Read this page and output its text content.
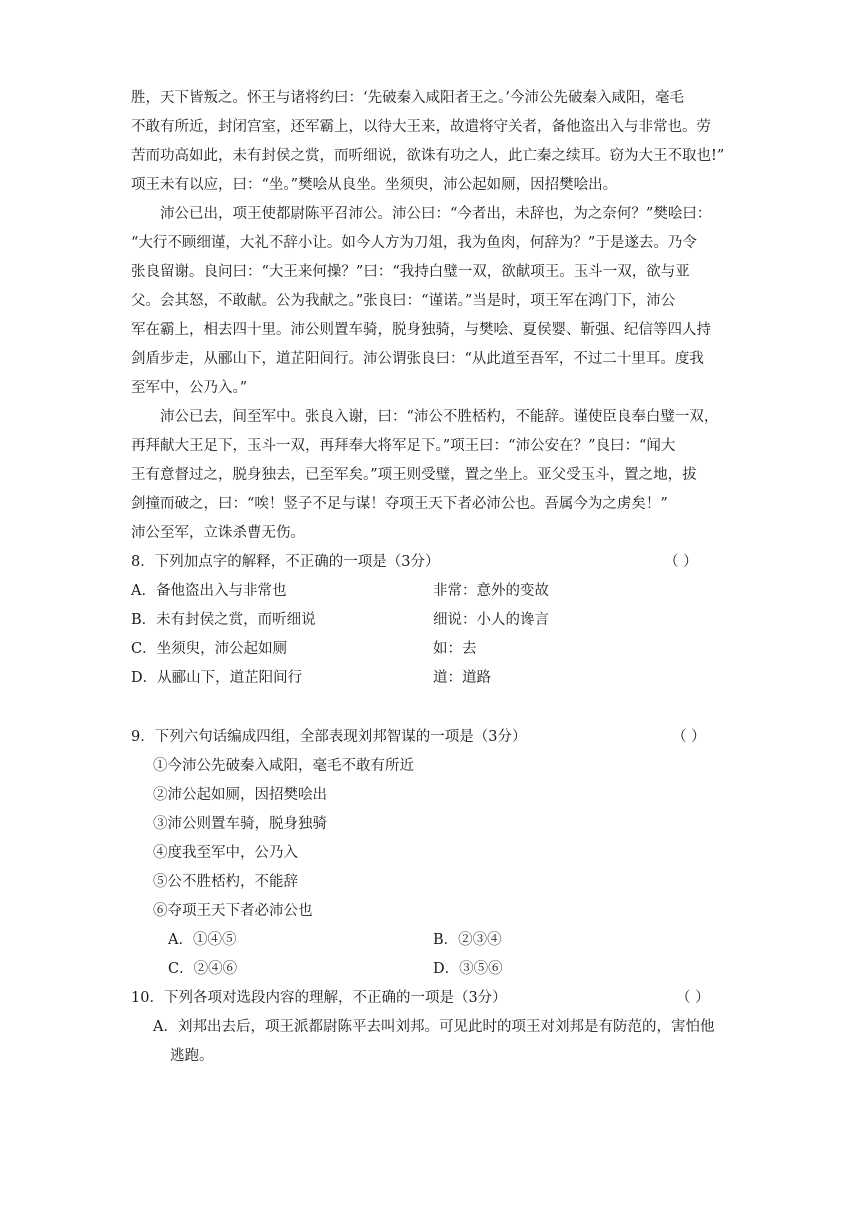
胜，天下皆叛之。怀王与诸将约曰：‘先破秦入咸阳者王之。’今沛公先破秦入咸阳，毫毛
不敢有所近，封闭宫室，还军霸上，以待大王来，故遣将守关者，备他盗出入与非常也。劳
苦而功高如此，未有封侯之赏，而听细说，欲诛有功之人，此亡秦之续耳。窃为大王不取也!”
项王未有以应，曰：“坐。”樊哙从良坐。坐须臾，沛公起如厕，因招樊哙出。
沛公已出，项王使都尉陈平召沛公。沛公曰：“今者出，未辞也，为之奈何？”樊哙曰：
“大行不顾细谨，大礼不辞小让。如今人方为刀俎，我为鱼肉，何辞为？”于是遂去。乃令
张良留谢。良问曰：“大王来何操？”曰：“我持白璧一双，欲献项王。玉斗一双，欲与亚
父。会其怒，不敢献。公为我献之。”张良曰：“谨诺。”当是时，项王军在鸿门下，沛公
军在霸上，相去四十里。沛公则置车骑，脱身独骑，与樊哙、夏侯婴、靳强、纪信等四人持
剑盾步走，从郦山下，道芷阳间行。沛公谓张良曰：“从此道至吾军，不过二十里耳。度我
至军中，公乃入。”
沛公已去，间至军中。张良入谢，曰：“沛公不胜桮杓，不能辞。谨使臣良奉白璧一双，
再拜献大王足下，玉斗一双，再拜奉大将军足下。”项王曰：“沛公安在？”良曰：“闻大
王有意督过之，脱身独去，已至军矣。”项王则受璧，置之坐上。亚父受玉斗，置之地，拔
剑撞而破之，曰：“唉！竖子不足与谋！夺项王天下者必沛公也。吾属今为之虏矣！”
沛公至军，立诛杀曹无伤。
8．下列加点字的解释，不正确的一项是（3分）	（ ）
A．备他盗出入与非常也	非常：意外的变故
B．未有封侯之赏，而听细说	细说：小人的谗言
C．坐须臾，沛公起如厕	如：去
D．从郦山下，道芷阳间行	道：道路
9．下列六句话编成四组，全部表现刘邦智谋的一项是（3分）	（ ）
①今沛公先破秦入咸阳，毫毛不敢有所近
②沛公起如厕，因招樊哙出
③沛公则置车骑，脱身独骑
④度我至军中，公乃入
⑤公不胜桮杓，不能辞
⑥夺项王天下者必沛公也
A．①④⑤	B．②③④
C．②④⑥	D．③⑤⑥
10．下列各项对选段内容的理解，不正确的一项是（3分）	（ ）
A．刘邦出去后，项王派都尉陈平去叫刘邦。可见此时的项王对刘邦是有防范的，害怕他
逃跑。
